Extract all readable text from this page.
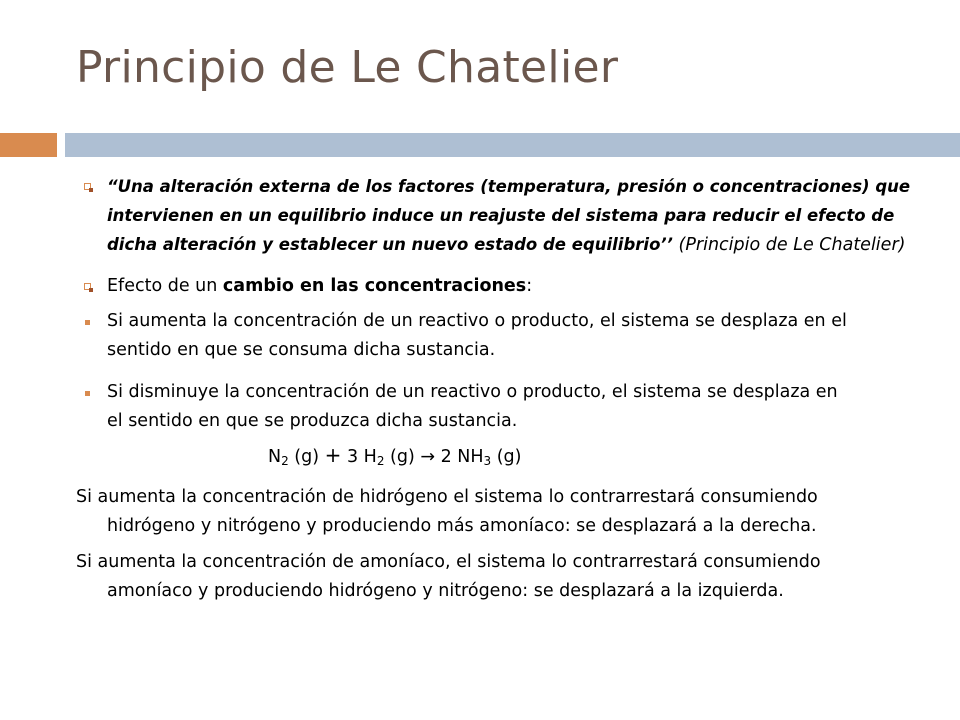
Principio de Le Chatelier
“Una alteración externa de los factores (temperatura, presión o concentraciones) que
intervienen en un equilibrio induce un reajuste del sistema para reducir el efecto de
dicha alteración y establecer un nuevo estado de equilibrio’’ (Principio de Le Chatelier)
Efecto de un cambio en las concentraciones:
Si aumenta la concentración de un reactivo o producto, el sistema se desplaza en el
sentido en que se consuma dicha sustancia.
Si disminuye la concentración de un reactivo o producto, el sistema se desplaza en
el sentido en que se produzca dicha sustancia.
$N_2$ (g) + 3 $H_2$ (g) → 2 $NH_3$ (g)
Si aumenta la concentración de hidrógeno el sistema lo contrarrestará consumiendo
hidrógeno y nitrógeno y produciendo más amoníaco: se desplazará a la derecha.
Si aumenta la concentración de amoníaco, el sistema lo contrarrestará consumiendo
amoníaco y produciendo hidrógeno y nitrógeno: se desplazará a la izquierda.
